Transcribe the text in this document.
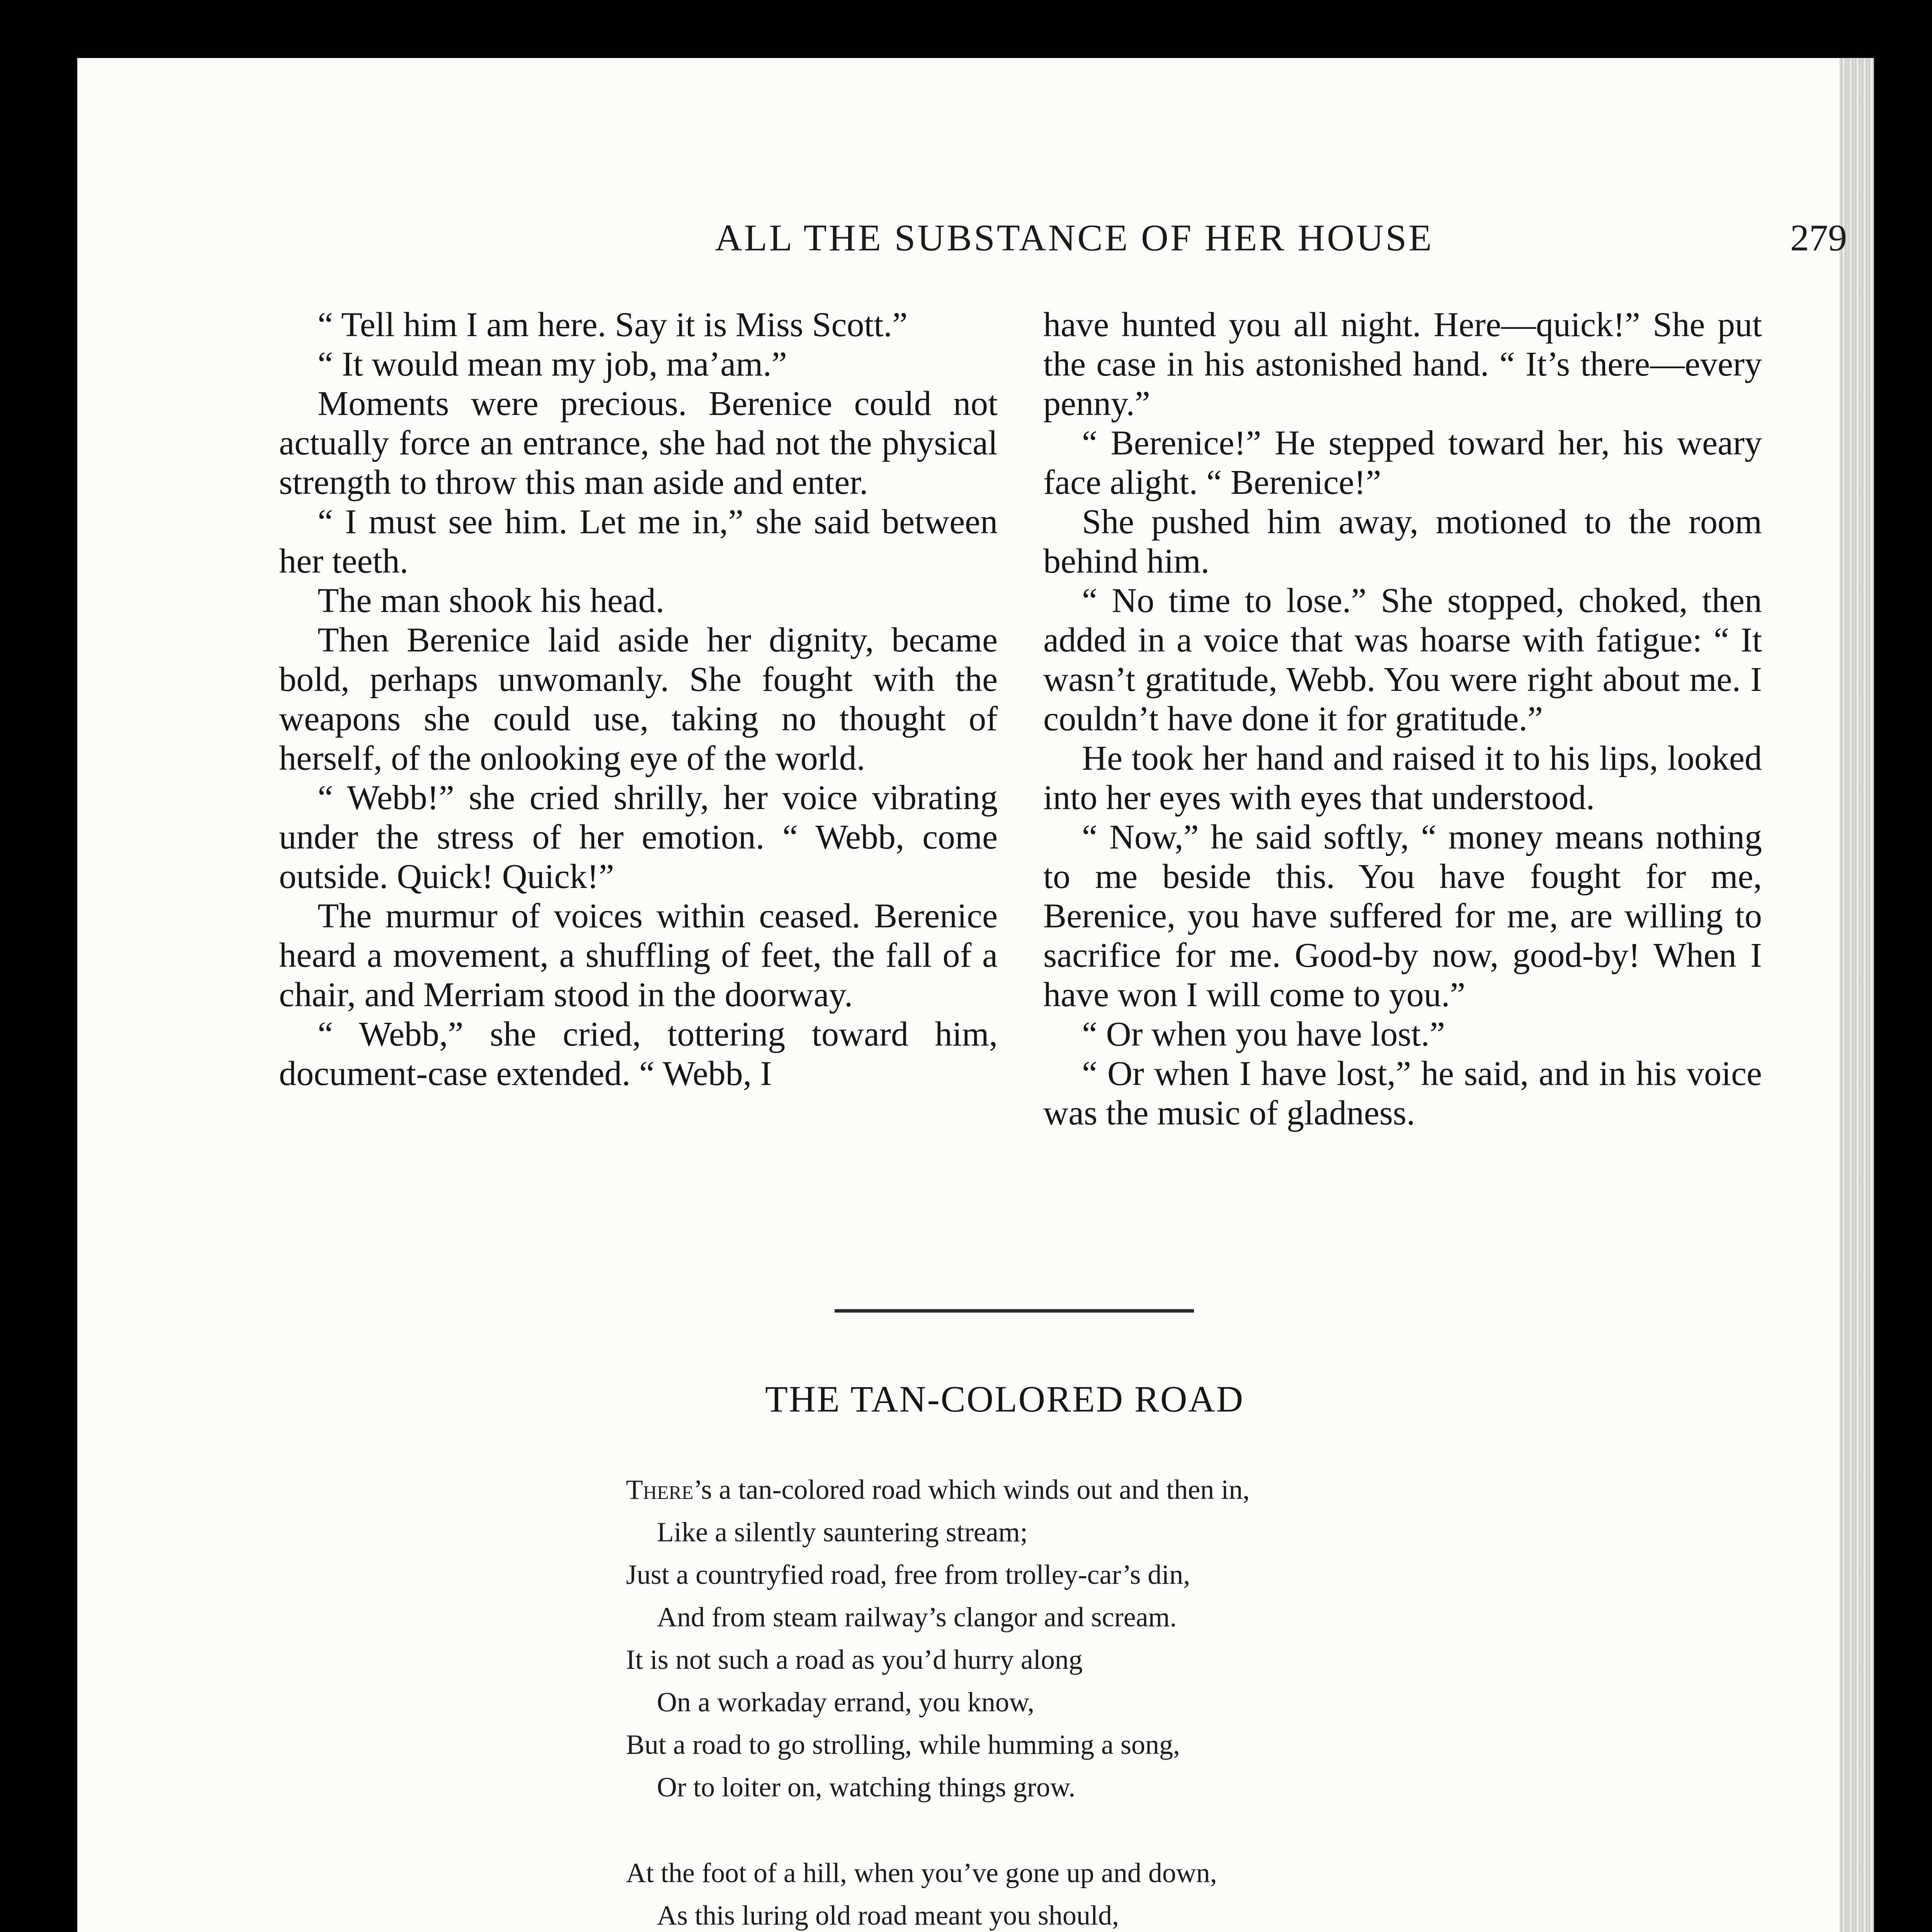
ALL THE SUBSTANCE OF HER HOUSE	279

“ Tell him I am here. Say it is Miss Scott.”

“ It would mean my job, ma’am.”

Moments were precious. Berenice could not actually force an entrance, she had not the physical strength to throw this man aside and enter.

“ I must see him. Let me in,” she said between her teeth.

The man shook his head.

Then Berenice laid aside her dignity, became bold, perhaps unwomanly. She fought with the weapons she could use, taking no thought of herself, of the onlooking eye of the world.

“ Webb!” she cried shrilly, her voice vibrating under the stress of her emotion. “ Webb, come outside. Quick! Quick!”

The murmur of voices within ceased. Berenice heard a movement, a shuffling of feet, the fall of a chair, and Merriam stood in the doorway.

“ Webb,” she cried, tottering toward him, document-case extended. “ Webb, I

have hunted you all night. Here—quick!” She put the case in his astonished hand. “ It’s there—every penny.”

“ Berenice!” He stepped toward her, his weary face alight. “ Berenice!”

She pushed him away, motioned to the room behind him.

“ No time to lose.” She stopped, choked, then added in a voice that was hoarse with fatigue: “ It wasn’t gratitude, Webb. You were right about me. I couldn’t have done it for gratitude.”

He took her hand and raised it to his lips, looked into her eyes with eyes that understood.

“ Now,” he said softly, “ money means nothing to me beside this. You have fought for me, Berenice, you have suffered for me, are willing to sacrifice for me. Good-by now, good-by! When I have won I will come to you.”

“ Or when you have lost.”

“ Or when I have lost,” he said, and in his voice was the music of gladness.

THE TAN-COLORED ROAD
There’s a tan-colored road which winds out and then in,
Like a silently sauntering stream;
Just a countryfied road, free from trolley-car’s din,
And from steam railway’s clangor and scream.
It is not such a road as you’d hurry along
On a workaday errand, you know,
But a road to go strolling, while humming a song,
Or to loiter on, watching things grow.
At the foot of a hill, when you’ve gone up and down,
As this luring old road meant you should,
